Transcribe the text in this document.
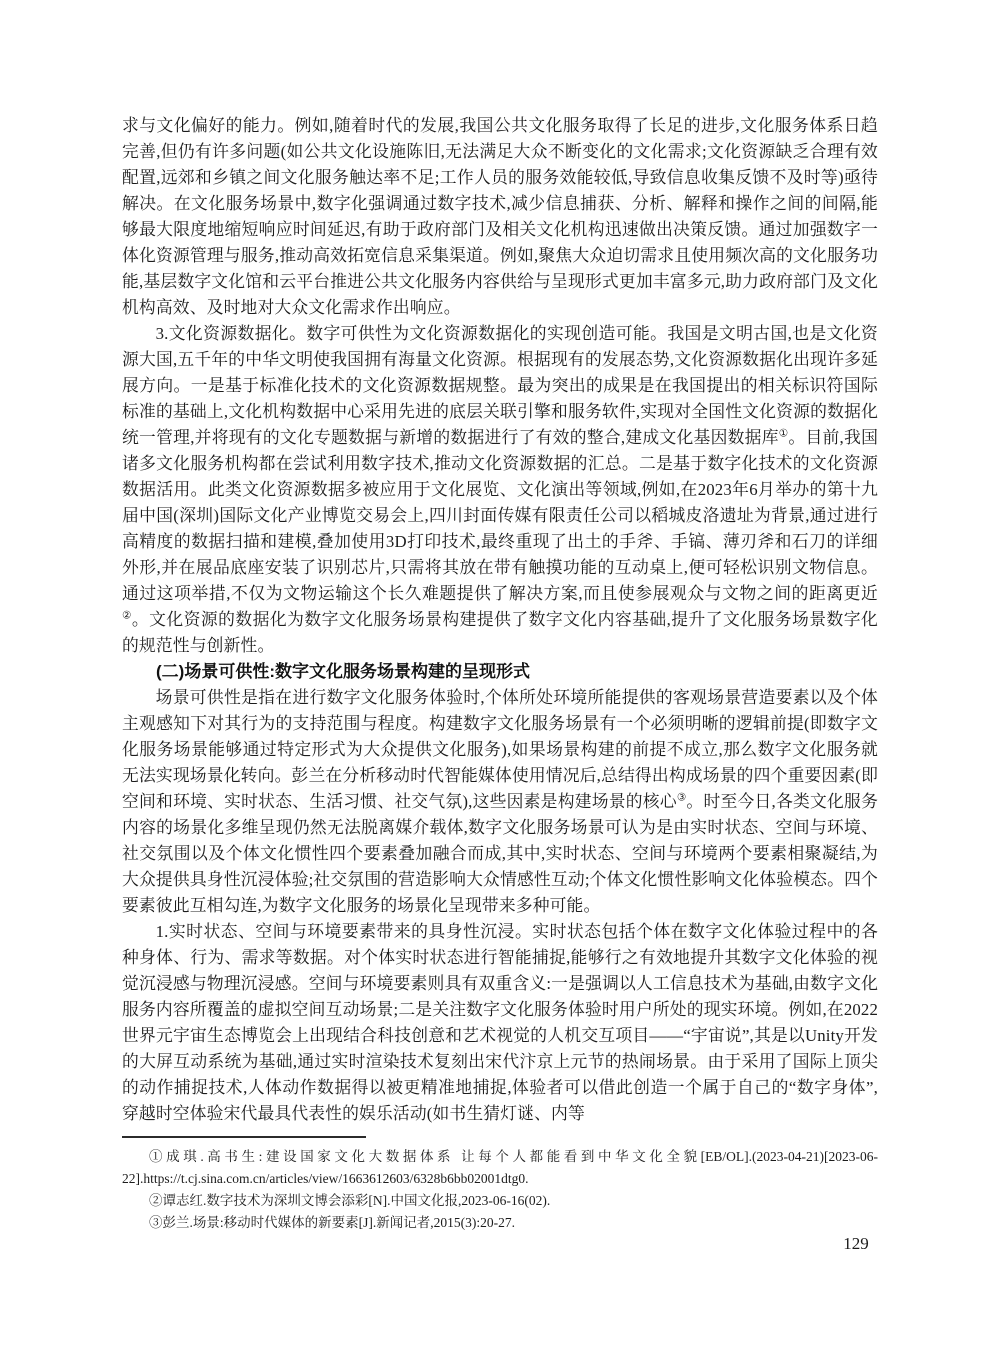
求与文化偏好的能力。例如,随着时代的发展,我国公共文化服务取得了长足的进步,文化服务体系日趋完善,但仍有许多问题(如公共文化设施陈旧,无法满足大众不断变化的文化需求;文化资源缺乏合理有效配置,远郊和乡镇之间文化服务触达率不足;工作人员的服务效能较低,导致信息收集反馈不及时等)亟待解决。在文化服务场景中,数字化强调通过数字技术,减少信息捕获、分析、解释和操作之间的间隔,能够最大限度地缩短响应时间延迟,有助于政府部门及相关文化机构迅速做出决策反馈。通过加强数字一体化资源管理与服务,推动高效拓宽信息采集渠道。例如,聚焦大众迫切需求且使用频次高的文化服务功能,基层数字文化馆和云平台推进公共文化服务内容供给与呈现形式更加丰富多元,助力政府部门及文化机构高效、及时地对大众文化需求作出响应。

3.文化资源数据化。数字可供性为文化资源数据化的实现创造可能。我国是文明古国,也是文化资源大国,五千年的中华文明使我国拥有海量文化资源。根据现有的发展态势,文化资源数据化出现许多延展方向。一是基于标准化技术的文化资源数据规整。最为突出的成果是在我国提出的相关标识符国际标准的基础上,文化机构数据中心采用先进的底层关联引擎和服务软件,实现对全国性文化资源的数据化统一管理,并将现有的文化专题数据与新增的数据进行了有效的整合,建成文化基因数据库①。目前,我国诸多文化服务机构都在尝试利用数字技术,推动文化资源数据的汇总。二是基于数字化技术的文化资源数据活用。此类文化资源数据多被应用于文化展览、文化演出等领域,例如,在2023年6月举办的第十九届中国(深圳)国际文化产业博览交易会上,四川封面传媒有限责任公司以稻城皮洛遗址为背景,通过进行高精度的数据扫描和建模,叠加使用3D打印技术,最终重现了出土的手斧、手镐、薄刃斧和石刀的详细外形,并在展品底座安装了识别芯片,只需将其放在带有触摸功能的互动桌上,便可轻松识别文物信息。通过这项举措,不仅为文物运输这个长久难题提供了解决方案,而且使参展观众与文物之间的距离更近②。文化资源的数据化为数字文化服务场景构建提供了数字文化内容基础,提升了文化服务场景数字化的规范性与创新性。

(二)场景可供性:数字文化服务场景构建的呈现形式

场景可供性是指在进行数字文化服务体验时,个体所处环境所能提供的客观场景营造要素以及个体主观感知下对其行为的支持范围与程度。构建数字文化服务场景有一个必须明晰的逻辑前提(即数字文化服务场景能够通过特定形式为大众提供文化服务),如果场景构建的前提不成立,那么数字文化服务就无法实现场景化转向。彭兰在分析移动时代智能媒体使用情况后,总结得出构成场景的四个重要因素(即空间和环境、实时状态、生活习惯、社交气氛),这些因素是构建场景的核心③。时至今日,各类文化服务内容的场景化多维呈现仍然无法脱离媒介载体,数字文化服务场景可认为是由实时状态、空间与环境、社交氛围以及个体文化惯性四个要素叠加融合而成,其中,实时状态、空间与环境两个要素相聚凝结,为大众提供具身性沉浸体验;社交氛围的营造影响大众情感性互动;个体文化惯性影响文化体验模态。四个要素彼此互相勾连,为数字文化服务的场景化呈现带来多种可能。

1.实时状态、空间与环境要素带来的具身性沉浸。实时状态包括个体在数字文化体验过程中的各种身体、行为、需求等数据。对个体实时状态进行智能捕捉,能够行之有效地提升其数字文化体验的视觉沉浸感与物理沉浸感。空间与环境要素则具有双重含义:一是强调以人工信息技术为基础,由数字文化服务内容所覆盖的虚拟空间互动场景;二是关注数字文化服务体验时用户所处的现实环境。例如,在2022世界元宇宙生态博览会上出现结合科技创意和艺术视觉的人机交互项目——“宇宙说”,其是以Unity开发的大屏互动系统为基础,通过实时渲染技术复刻出宋代汴京上元节的热闹场景。由于采用了国际上顶尖的动作捕捉技术,人体动作数据得以被更精准地捕捉,体验者可以借此创造一个属于自己的“数字身体”,穿越时空体验宋代最具代表性的娱乐活动(如书生猜灯谜、内等

①成琪.高书生:建设国家文化大数据体系 让每个人都能看到中华文化全貌[EB/OL].(2023-04-21)[2023-06-22].https://t.cj.sina.com.cn/articles/view/1663612603/6328b6bb02001dtg0.

②谭志红.数字技术为深圳文博会添彩[N].中国文化报,2023-06-16(02).

③彭兰.场景:移动时代媒体的新要素[J].新闻记者,2015(3):20-27.

129
